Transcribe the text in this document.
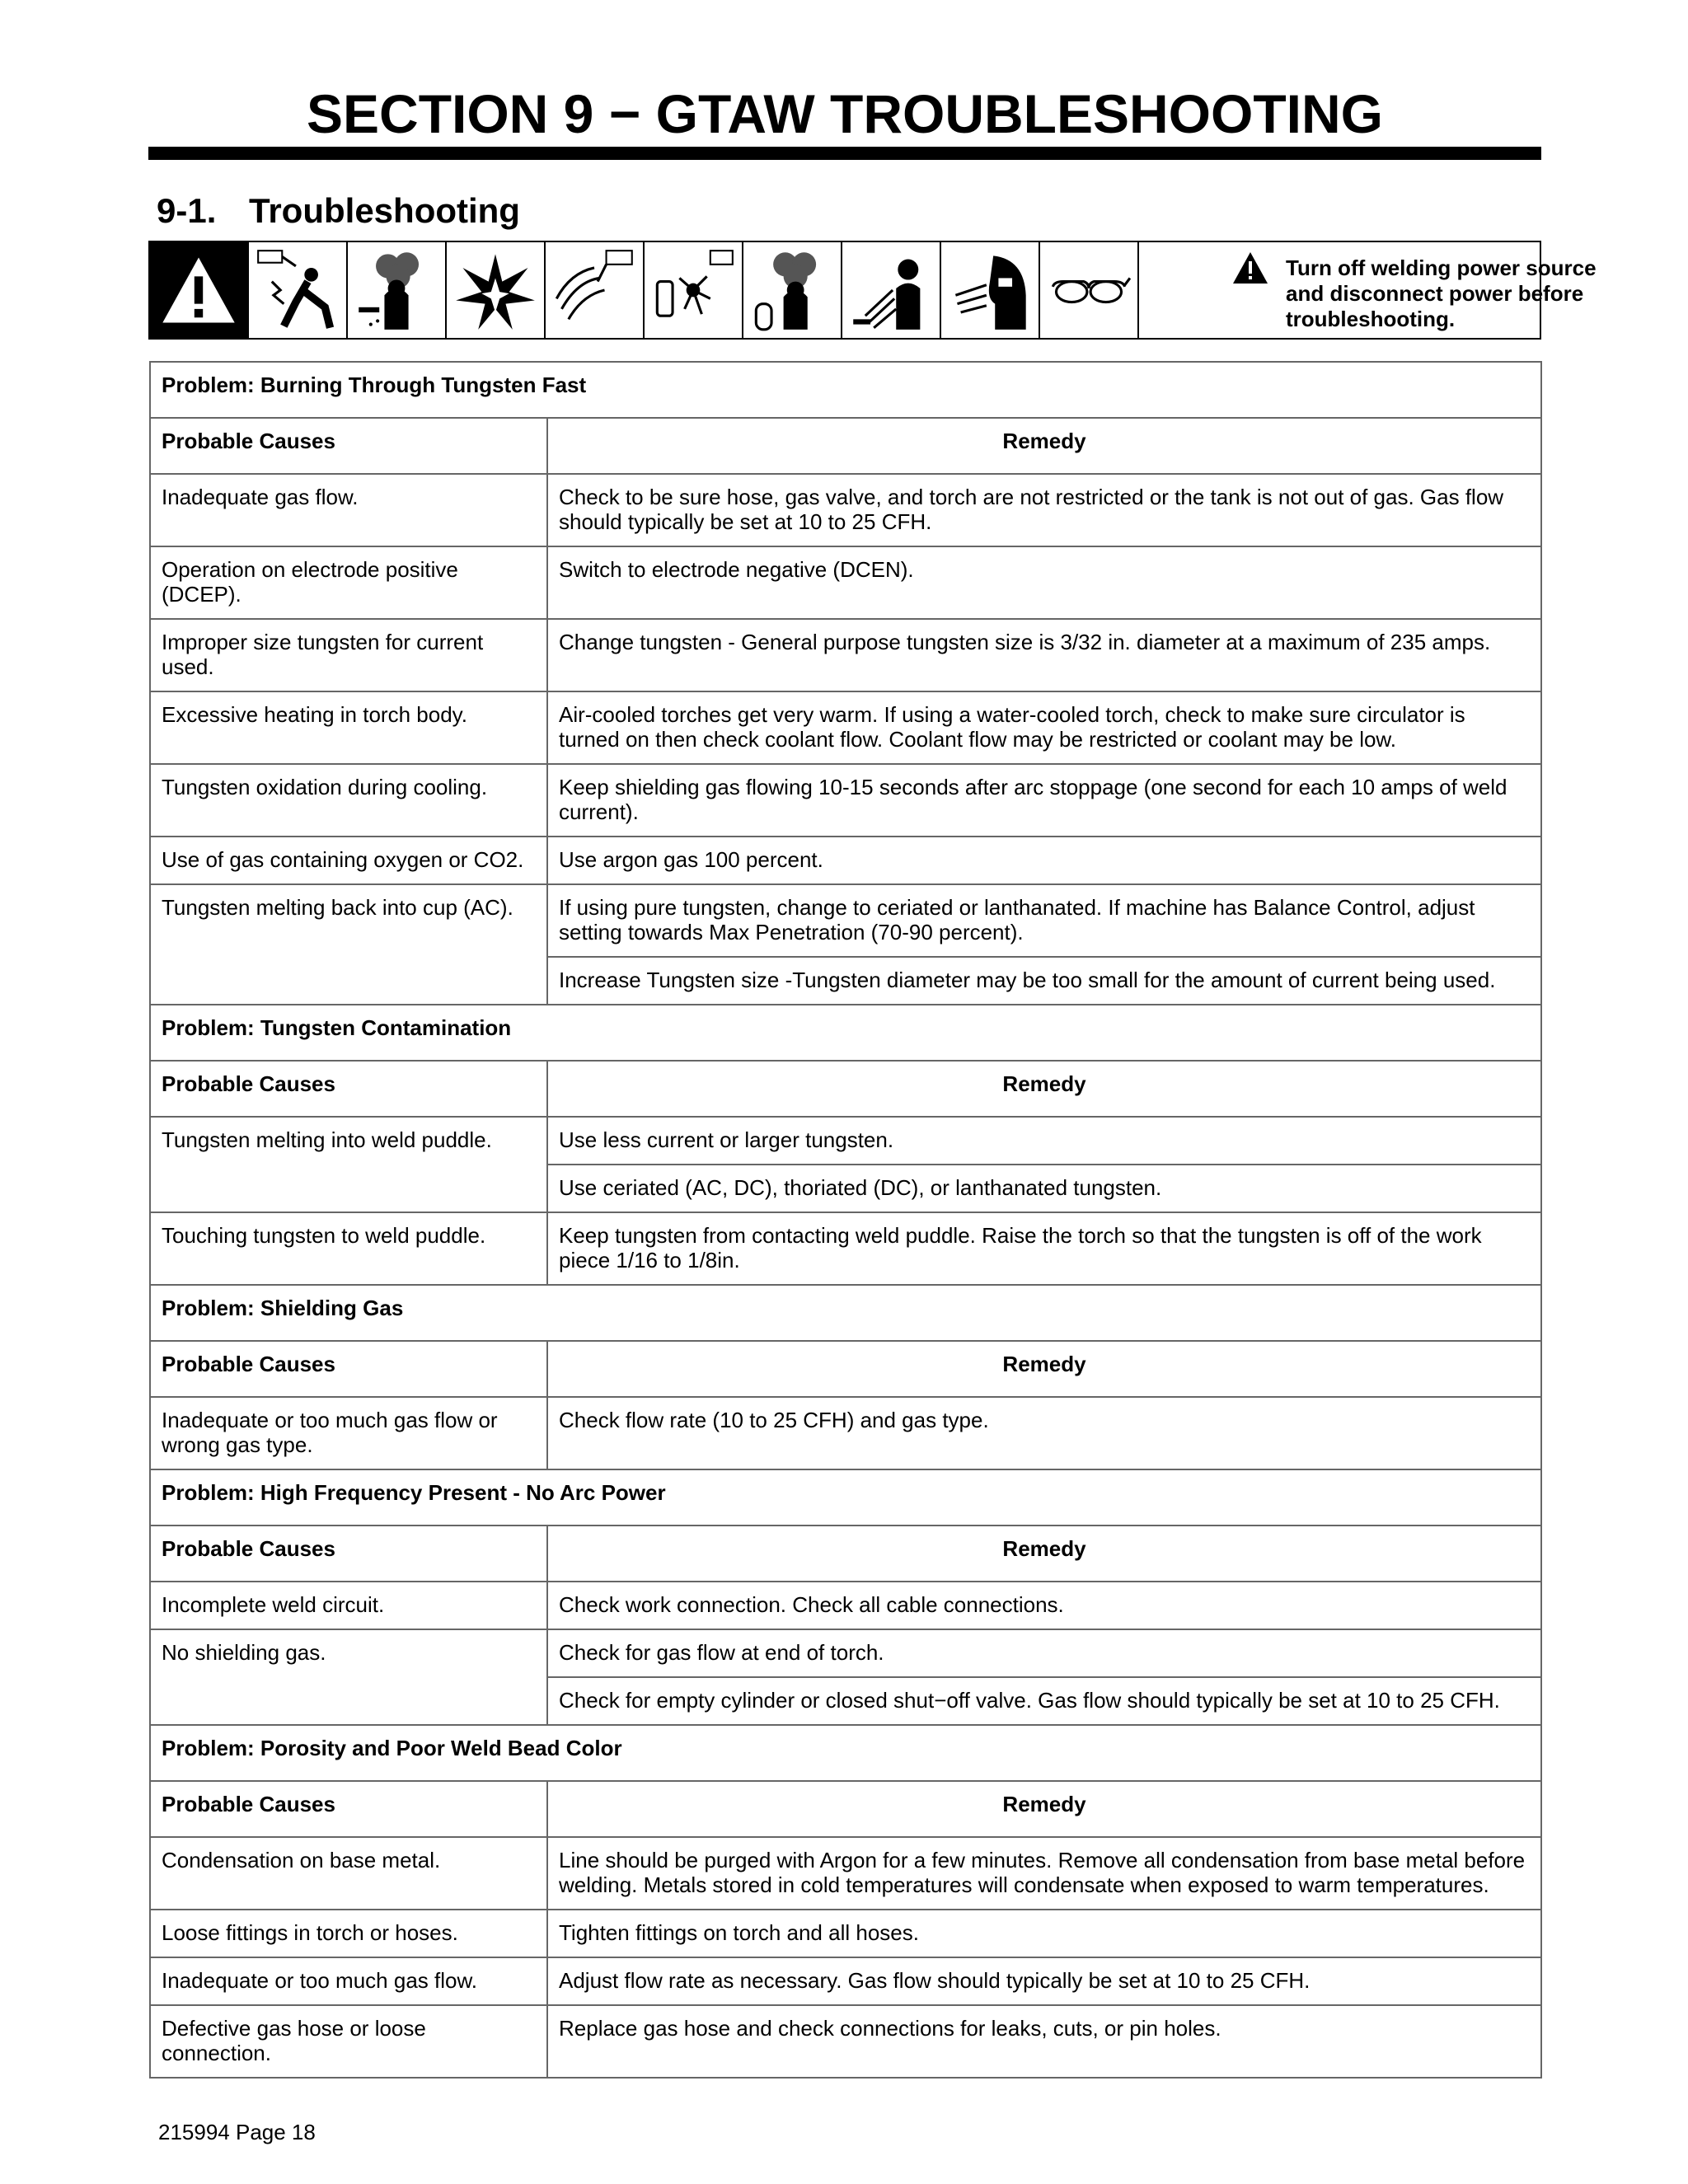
SECTION 9 − GTAW TROUBLESHOOTING
9-1. Troubleshooting
Turn off welding power source and disconnect power before troubleshooting.
Problem: Burning Through Tungsten Fast	
Probable Causes	Remedy
Inadequate gas flow.	Check to be sure hose, gas valve, and torch are not restricted or the tank is not out of gas. Gas flow should typically be set at 10 to 25 CFH.
Operation on electrode positive (DCEP).	Switch to electrode negative (DCEN).
Improper size tungsten for current used.	Change tungsten - General purpose tungsten size is 3/32 in. diameter at a maximum of 235 amps.
Excessive heating in torch body.	Air-cooled torches get very warm. If using a water-cooled torch, check to make sure circulator is turned on then check coolant flow. Coolant flow may be restricted or coolant may be low.
Tungsten oxidation during cooling.	Keep shielding gas flowing 10-15 seconds after arc stoppage (one second for each 10 amps of weld current).
Use of gas containing oxygen or CO2.	Use argon gas 100 percent.
Tungsten melting back into cup (AC).	If using pure tungsten, change to ceriated or lanthanated. If machine has Balance Control, adjust setting towards Max Penetration (70-90 percent).
	Increase Tungsten size -Tungsten diameter may be too small for the amount of current being used.
Problem: Tungsten Contamination	
Probable Causes	Remedy
Tungsten melting into weld puddle.	Use less current or larger tungsten.
	Use ceriated (AC, DC), thoriated (DC), or lanthanated tungsten.
Touching tungsten to weld puddle.	Keep tungsten from contacting weld puddle. Raise the torch so that the tungsten is off of the work piece 1/16 to 1/8in.
Problem: Shielding Gas	
Probable Causes	Remedy
Inadequate or too much gas flow or wrong gas type.	Check flow rate (10 to 25 CFH) and gas type.
Problem: High Frequency Present - No Arc Power	
Probable Causes	Remedy
Incomplete weld circuit.	Check work connection. Check all cable connections.
No shielding gas.	Check for gas flow at end of torch.
	Check for empty cylinder or closed shut−off valve. Gas flow should typically be set at 10 to 25 CFH.
Problem: Porosity and Poor Weld Bead Color	
Probable Causes	Remedy
Condensation on base metal.	Line should be purged with Argon for a few minutes. Remove all condensation from base metal before welding. Metals stored in cold temperatures will condensate when exposed to warm temperatures.
Loose fittings in torch or hoses.	Tighten fittings on torch and all hoses.
Inadequate or too much gas flow.	Adjust flow rate as necessary. Gas flow should typically be set at 10 to 25 CFH.
Defective gas hose or loose connection.	Replace gas hose and check connections for leaks, cuts, or pin holes.
215994 Page 18
